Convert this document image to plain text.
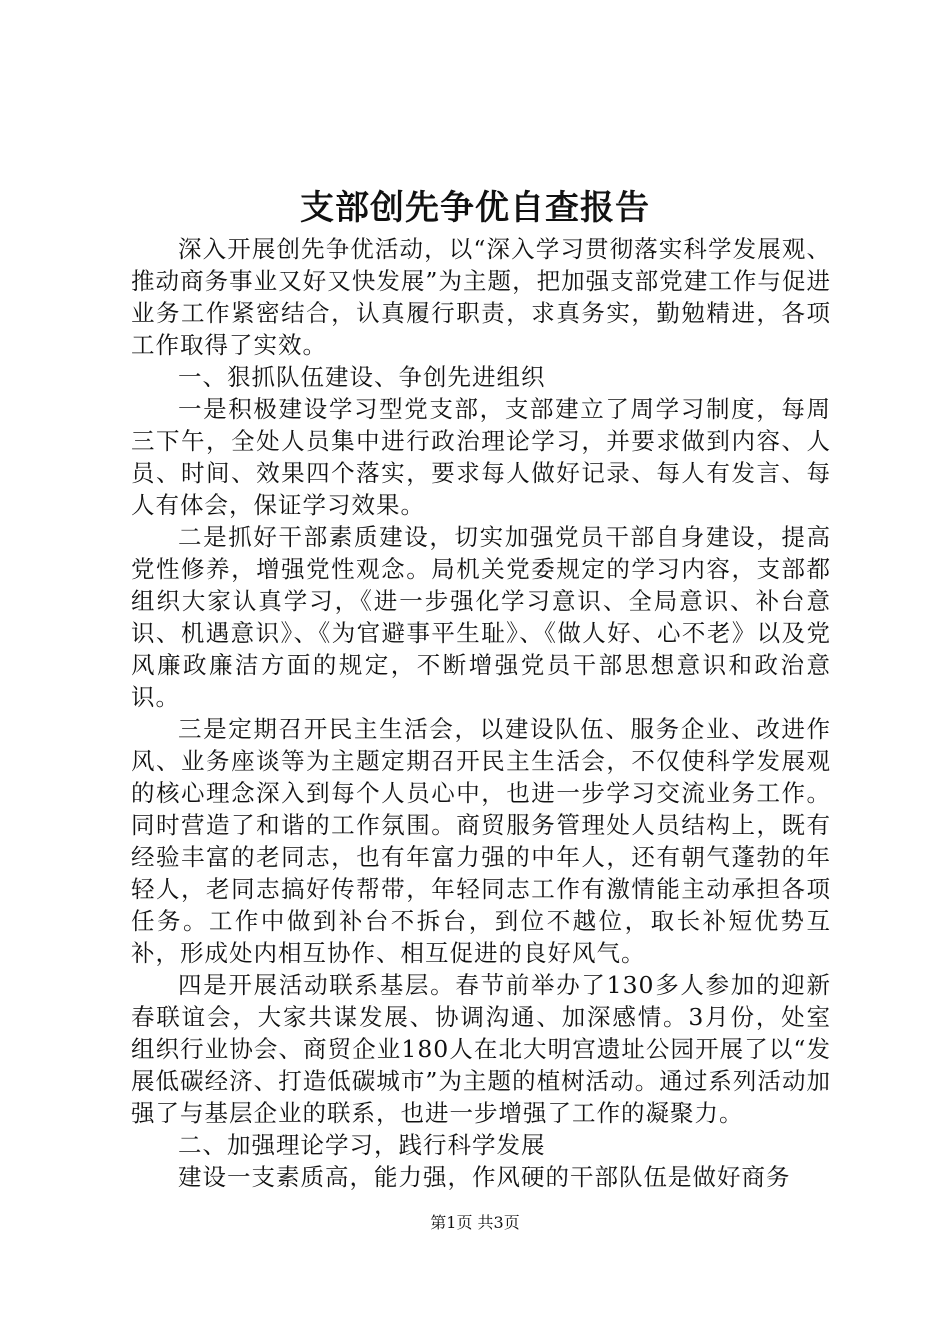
支部创先争优自查报告

深入开展创先争优活动，以“深入学习贯彻落实科学发展观、推动商务事业又好又快发展”为主题，把加强支部党建工作与促进业务工作紧密结合，认真履行职责，求真务实，勤勉精进，各项工作取得了实效。

一、狠抓队伍建设、争创先进组织

一是积极建设学习型党支部，支部建立了周学习制度，每周三下午，全处人员集中进行政治理论学习，并要求做到内容、人员、时间、效果四个落实，要求每人做好记录、每人有发言、每人有体会，保证学习效果。

二是抓好干部素质建设，切实加强党员干部自身建设，提高党性修养，增强党性观念。局机关党委规定的学习内容，支部都组织大家认真学习，《进一步强化学习意识、全局意识、补台意识、机遇意识》、《为官避事平生耻》、《做人好、心不老》以及党风廉政廉洁方面的规定，不断增强党员干部思想意识和政治意识。

三是定期召开民主生活会，以建设队伍、服务企业、改进作风、业务座谈等为主题定期召开民主生活会，不仅使科学发展观的核心理念深入到每个人员心中，也进一步学习交流业务工作。同时营造了和谐的工作氛围。商贸服务管理处人员结构上，既有经验丰富的老同志，也有年富力强的中年人，还有朝气蓬勃的年轻人，老同志搞好传帮带，年轻同志工作有激情能主动承担各项任务。工作中做到补台不拆台，到位不越位，取长补短优势互补，形成处内相互协作、相互促进的良好风气。

四是开展活动联系基层。春节前举办了130多人参加的迎新春联谊会，大家共谋发展、协调沟通、加深感情。3月份，处室组织行业协会、商贸企业180人在北大明宫遗址公园开展了以“发展低碳经济、打造低碳城市”为主题的植树活动。通过系列活动加强了与基层企业的联系，也进一步增强了工作的凝聚力。

二、加强理论学习，践行科学发展

建设一支素质高，能力强，作风硬的干部队伍是做好商务

第1页 共3页
